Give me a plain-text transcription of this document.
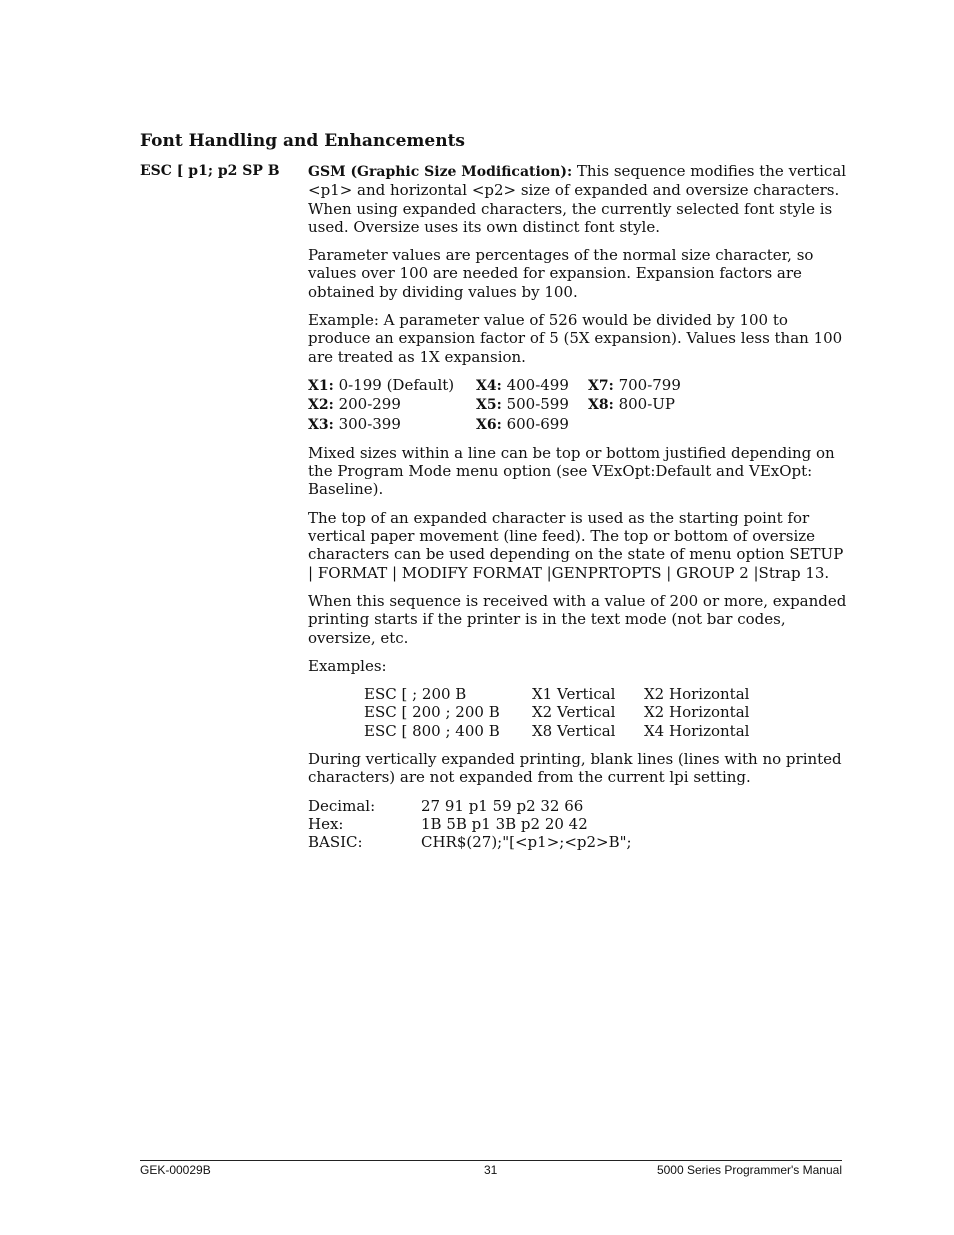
Font Handling and Enhancements
ESC [ p1; p2 SP B GSM (Graphic Size Modification): This sequence modifies the vertical <p1> and horizontal <p2> size of expanded and oversize characters. When using expanded characters, the currently selected font style is used. Oversize uses its own distinct font style.

Parameter values are percentages of the normal size character, so values over 100 are needed for expansion. Expansion factors are obtained by dividing values by 100.

Example: A parameter value of 526 would be divided by 100 to produce an expansion factor of 5 (5X expansion). Values less than 100 are treated as 1X expansion.

X1: 0-199 (Default)	X4: 400-499	X7: 700-799
X2: 200-299	X5: 500-599	X8: 800-UP
X3: 300-399	X6: 600-699

Mixed sizes within a line can be top or bottom justified depending on the Program Mode menu option (see VExOpt:Default and VExOpt: Baseline).

The top of an expanded character is used as the starting point for vertical paper movement (line feed). The top or bottom of oversize characters can be used depending on the state of menu option SETUP | FORMAT | MODIFY FORMAT |GENPRTOPTS | GROUP 2 |Strap 13.

When this sequence is received with a value of 200 or more, expanded printing starts if the printer is in the text mode (not bar codes, oversize, etc.

Examples:

ESC [ ; 200 B	X1 Vertical	X2 Horizontal
ESC [ 200 ; 200 B	X2 Vertical	X2 Horizontal
ESC [ 800 ; 400 B	X8 Vertical	X4 Horizontal

During vertically expanded printing, blank lines (lines with no printed characters) are not expanded from the current lpi setting.

Decimal:	27 91 p1 59 p2 32 66
Hex:	1B 5B p1 3B p2 20 42
BASIC:	CHR$(27);"[<p1>;<p2>B";
GEK-00029B	31	5000 Series Programmer's Manual
